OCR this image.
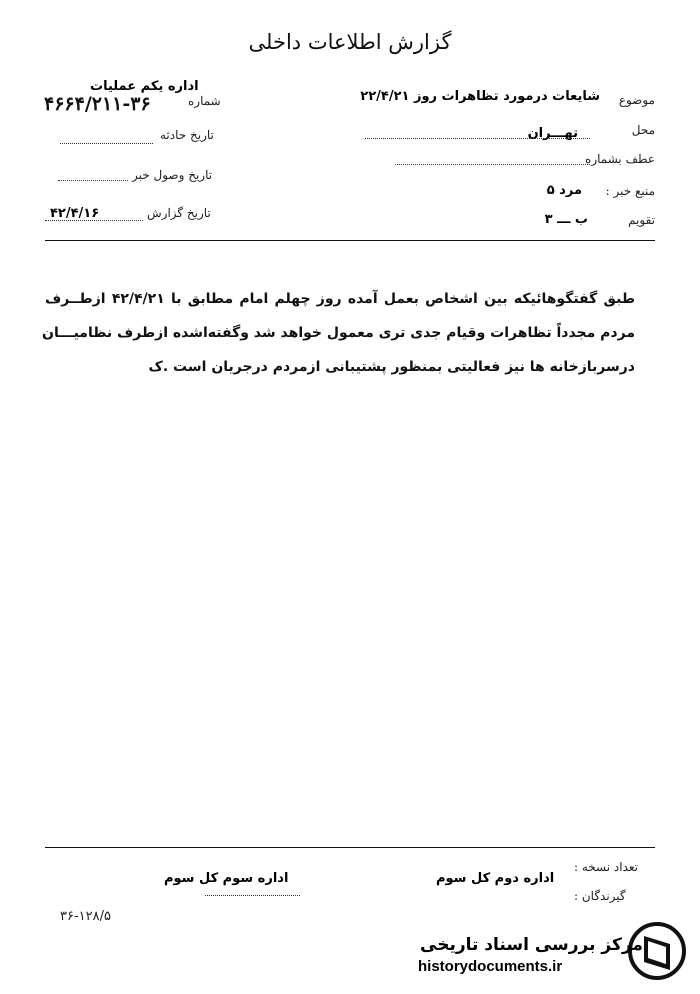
گزارش اطلاعات داخلی
موضوع
شایعات درمورد تظاهرات روز ۲۲/۴/۲۱
محل
تهـــران
عطف بشماره
منبع خبر :
مرد ۵
تقویم
ب ـــ ۳
اداره یکم عملیات
شماره
۴۶۶۴/۲۱۱-۳۶
تاریخ حادثه
تاریخ وصول خبر
تاریخ گزارش
۴۲/۴/۱۶
طبق گفتگوهائیکه بین اشخاص بعمل آمده روز چهلم امام مطابق با ۴۲/۴/۲۱ ازطــرف
مردم مجدداً تظاهرات وقیام جدی تری معمول خواهد شد وگفته‌اشده ازطرف نظامیـــان
درسربازخانه ها نیز فعالیتی بمنظور پشتیبانی ازمردم درجریان است .ک
تعداد نسخه :
گیرندگان :
اداره سوم کل سوم	اداره دوم کل سوم
۳۶-۱۲۸/۵
مرکز بررسی اسناد تاریخی
historydocuments.ir
